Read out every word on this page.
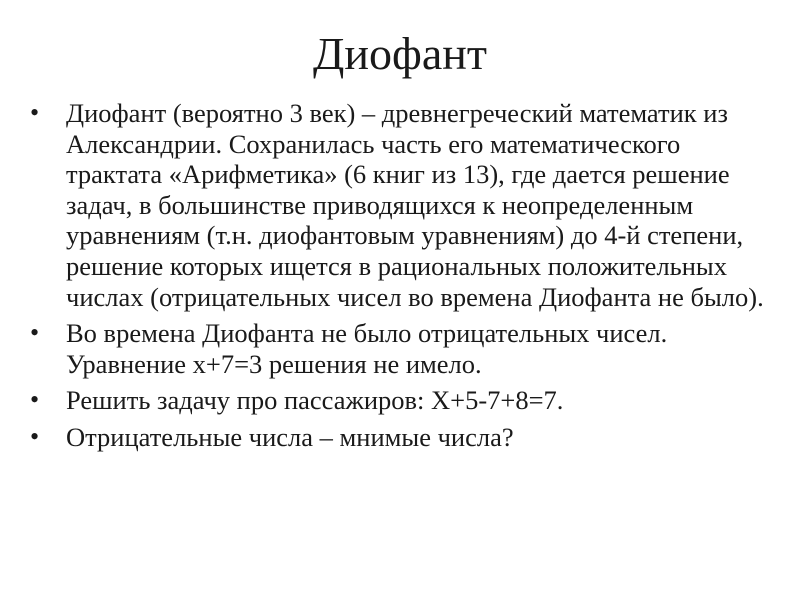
Диофант
• Диофант (вероятно 3 век) – древнегреческий математик из Александрии. Сохранилась часть его математического трактата «Арифметика» (6 книг из 13), где дается решение задач, в большинстве приводящихся к неопределенным уравнениям (т.н. диофантовым уравнениям) до 4-й степени, решение которых ищется в рациональных положительных числах (отрицательных чисел во времена Диофанта не было).
• Во времена Диофанта не было отрицательных чисел. Уравнение х+7=3 решения не имело.
• Решить задачу про пассажиров: Х+5-7+8=7.
• Отрицательные числа – мнимые числа?
